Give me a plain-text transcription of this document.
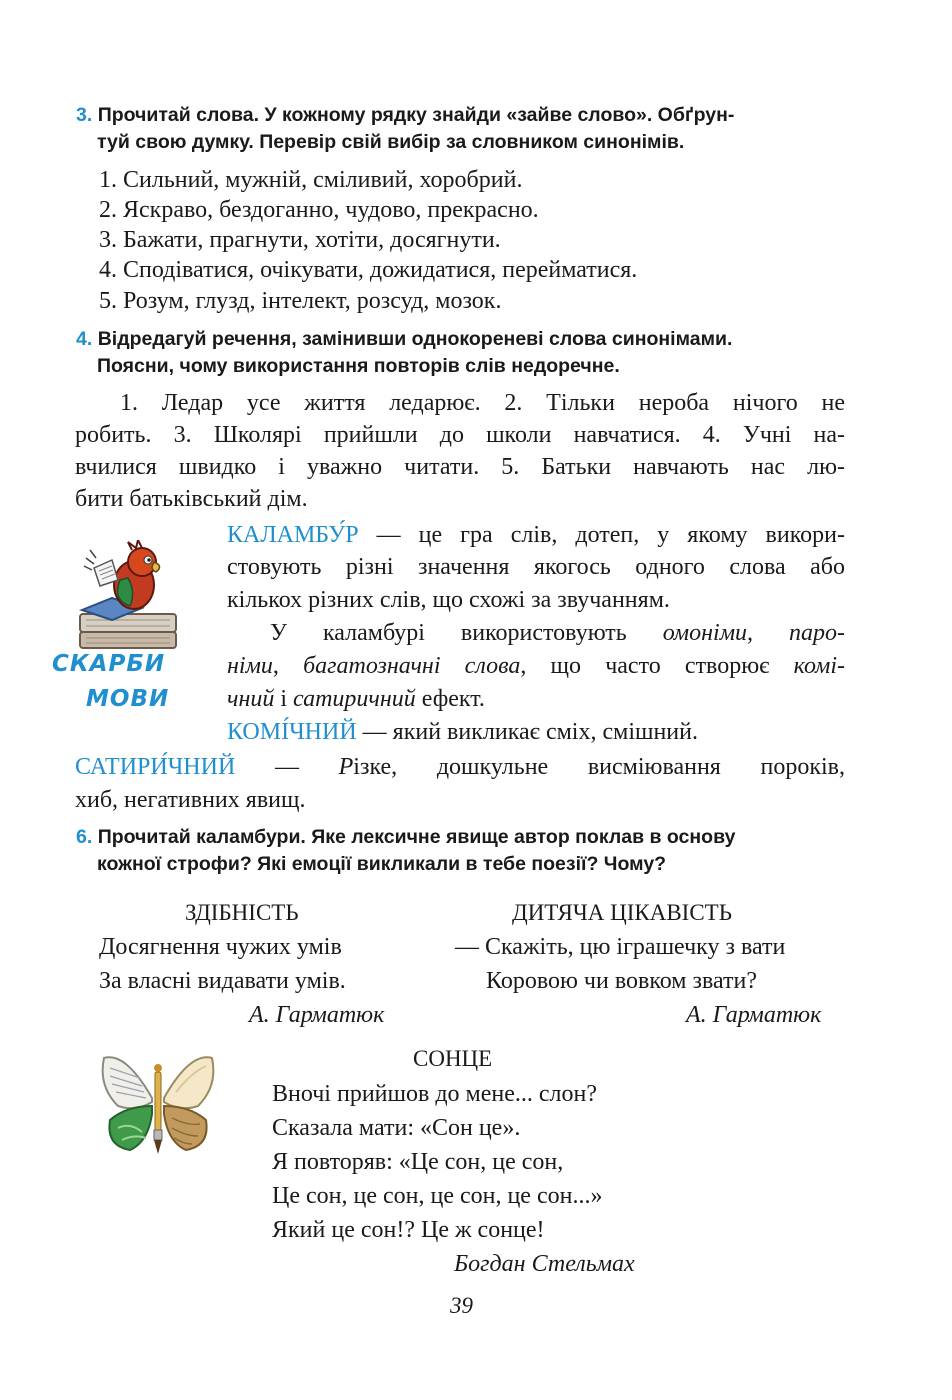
3. Прочитай слова. У кожному рядку знайди «зайве слово». Обґрун-
туй свою думку. Перевір свій вибір за словником синонімів.
1. Сильний, мужній, сміливий, хоробрий.
2. Яскраво, бездоганно, чудово, прекрасно.
3. Бажати, прагнути, хотіти, досягнути.
4. Сподіватися, очікувати, дожидатися, перейматися.
5. Розум, глузд, інтелект, розсуд, мозок.
4. Відредагуй речення, замінивши однокореневі слова синонімами.
Поясни, чому використання повторів слів недоречне.
1. Ледар усе життя ледарює. 2. Тільки нероба нічого не
робить. 3. Школярі прийшли до школи навчатися. 4. Учні на-
вчилися швидко і уважно читати. 5. Батьки навчають нас лю-
бити батьківський дім.
СКАРБИ
МОВИ
КАЛАМБУ́Р — це гра слів, дотеп, у якому викори-
стовують різні значення якогось одного слова або
кількох різних слів, що схожі за звучанням.
У каламбурі використовують омоніми, паро-
німи, багатозначні слова, що часто створює комі-
чний і сатиричний ефект.
КОМІ́ЧНИЙ — який викликає сміх, смішний.
САТИРИ́ЧНИЙ — Різке, дошкульне висміювання пороків,
хиб, негативних явищ.
6. Прочитай каламбури. Яке лексичне явище автор поклав в основу
кожної строфи? Які емоції викликали в тебе поезії? Чому?
ЗДІБНІСТЬ
Досягнення чужих умів
За власні видавати умів.
А. Гарматюк
ДИТЯЧА ЦІКАВІСТЬ
— Скажіть, цю іграшечку з вати
Коровою чи вовком звати?
А. Гарматюк
СОНЦЕ
Вночі прийшов до мене... слон?
Сказала мати: «Сон це».
Я повторяв: «Це сон, це сон,
Це сон, це сон, це сон, це сон...»
Який це сон!? Це ж сонце!
Богдан Стельмах
39
